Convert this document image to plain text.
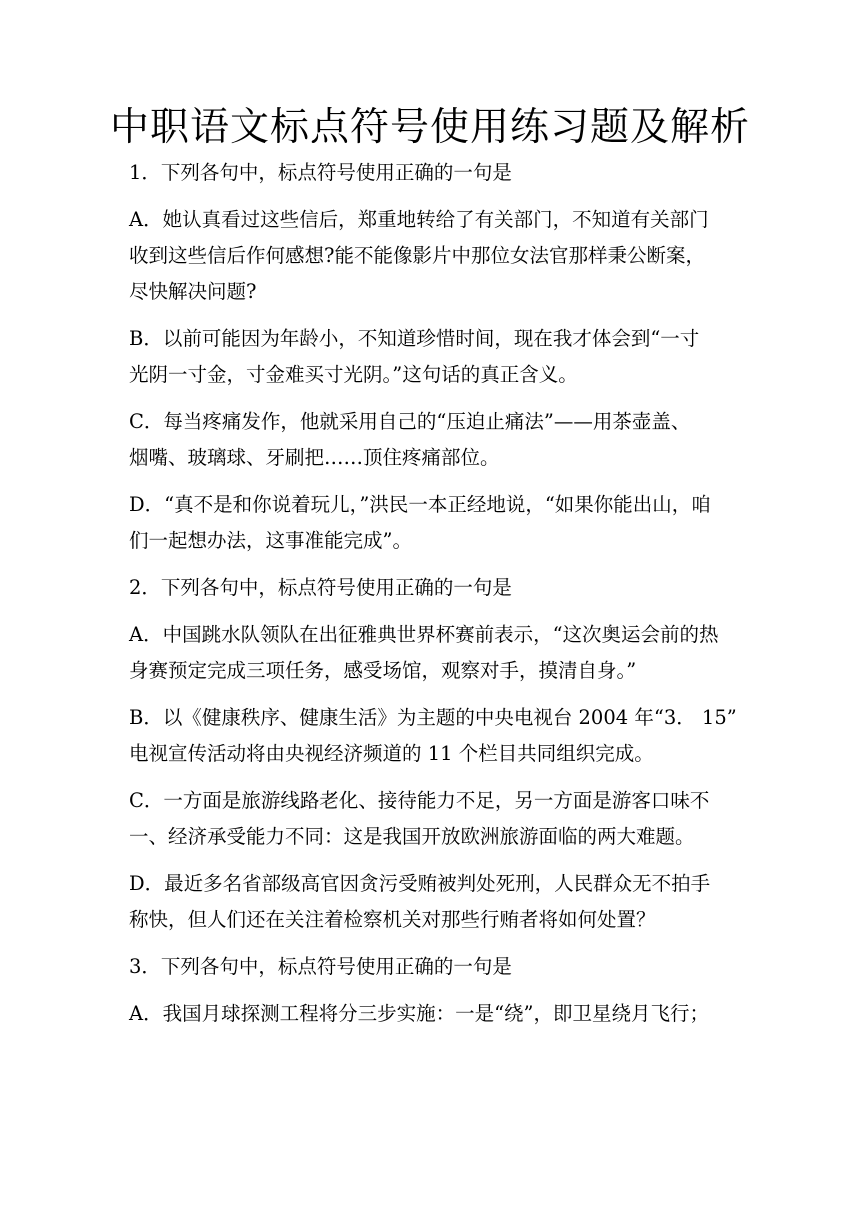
中职语文标点符号使用练习题及解析
1．下列各句中，标点符号使用正确的一句是
A．她认真看过这些信后，郑重地转给了有关部门，不知道有关部门
收到这些信后作何感想?能不能像影片中那位女法官那样秉公断案，
尽快解决问题?
B．以前可能因为年龄小，不知道珍惜时间，现在我才体会到“一寸
光阴一寸金，寸金难买寸光阴。”这句话的真正含义。
C．每当疼痛发作，他就采用自己的“压迫止痛法”——用茶壶盖、
烟嘴、玻璃球、牙刷把……顶住疼痛部位。
D．“真不是和你说着玩儿，”洪民一本正经地说，“如果你能出山，咱
们一起想办法，这事准能完成”。
2．下列各句中，标点符号使用正确的一句是
A．中国跳水队领队在出征雅典世界杯赛前表示，“这次奥运会前的热
身赛预定完成三项任务，感受场馆，观察对手，摸清自身。”
B．以《健康秩序、健康生活》为主题的中央电视台 2004 年“3． 15”
电视宣传活动将由央视经济频道的 11 个栏目共同组织完成。
C．一方面是旅游线路老化、接待能力不足，另一方面是游客口味不
一、经济承受能力不同：这是我国开放欧洲旅游面临的两大难题。
D．最近多名省部级高官因贪污受贿被判处死刑，人民群众无不拍手
称快，但人们还在关注着检察机关对那些行贿者将如何处置？
3．下列各句中，标点符号使用正确的一句是
A．我国月球探测工程将分三步实施：一是“绕”，即卫星绕月飞行；
